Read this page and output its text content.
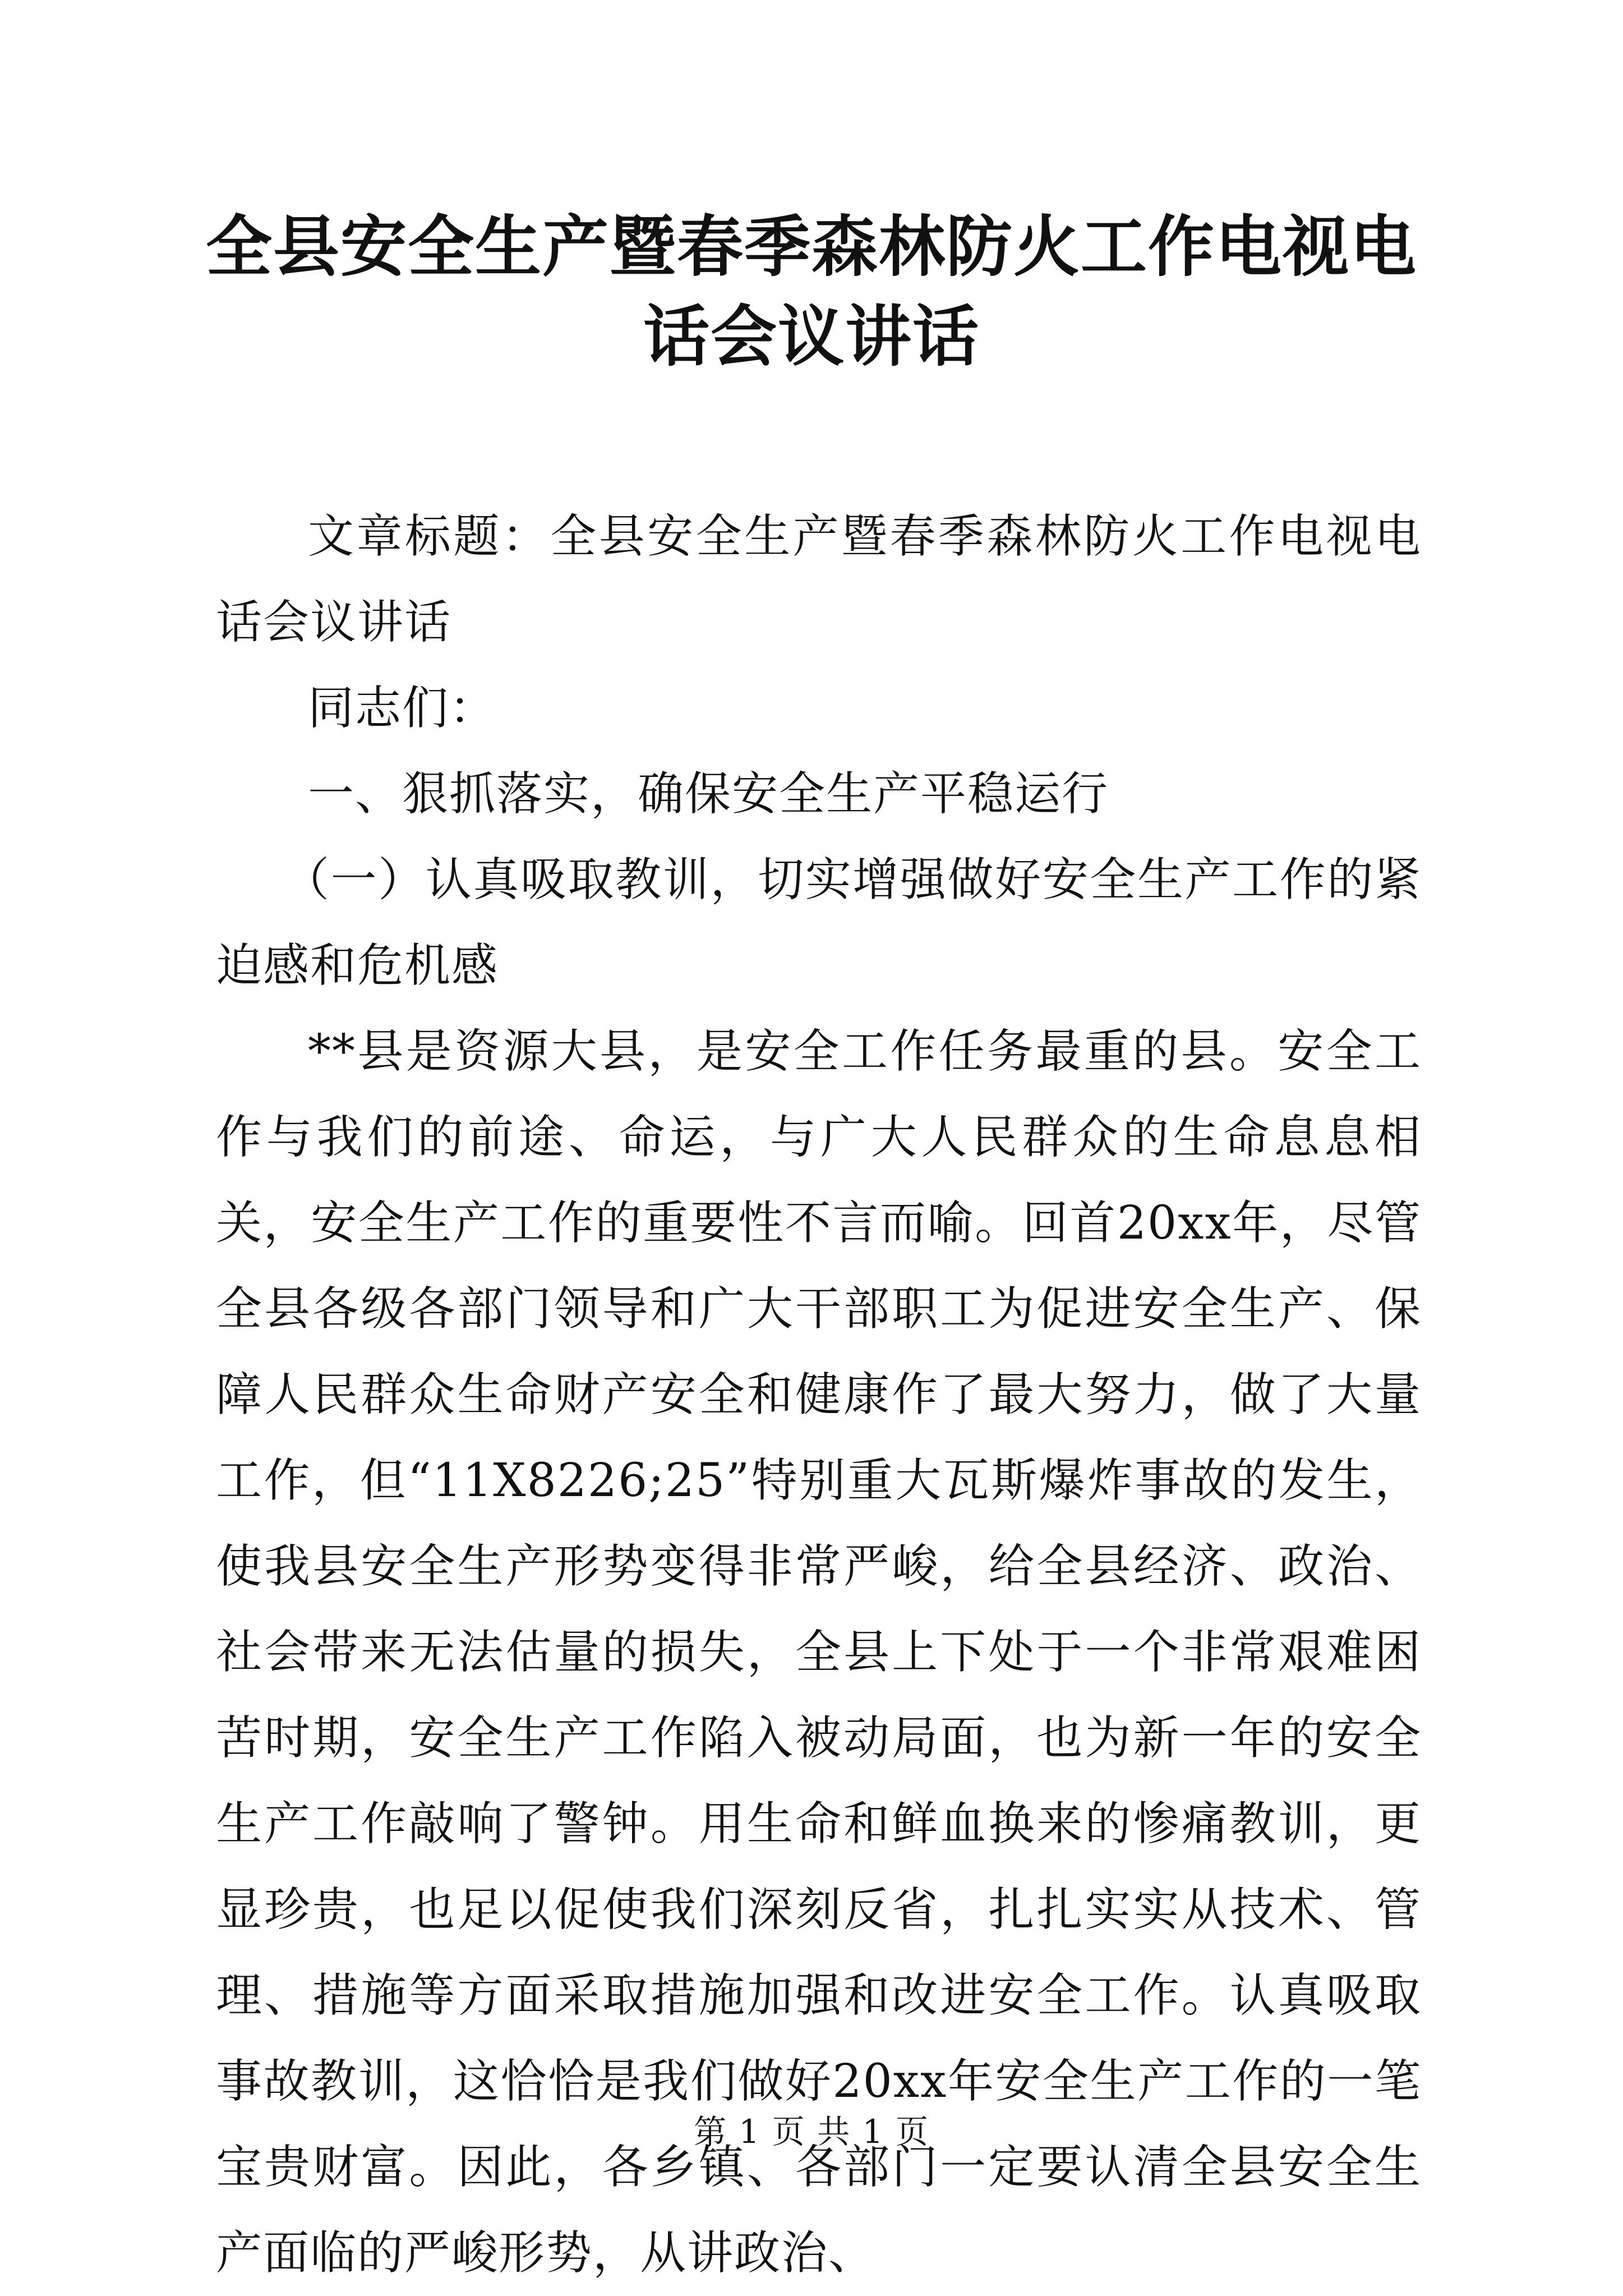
全县安全生产暨春季森林防火工作电视电话会议讲话

文章标题：全县安全生产暨春季森林防火工作电视电话会议讲话

同志们：

一、狠抓落实，确保安全生产平稳运行

（一）认真吸取教训，切实增强做好安全生产工作的紧迫感和危机感

**县是资源大县，是安全工作任务最重的县。安全工作与我们的前途、命运，与广大人民群众的生命息息相关，安全生产工作的重要性不言而喻。回首20xx年，尽管全县各级各部门领导和广大干部职工为促进安全生产、保障人民群众生命财产安全和健康作了最大努力，做了大量工作，但“11X8226;25”特别重大瓦斯爆炸事故的发生，使我县安全生产形势变得非常严峻，给全县经济、政治、社会带来无法估量的损失，全县上下处于一个非常艰难困苦时期，安全生产工作陷入被动局面，也为新一年的安全生产工作敲响了警钟。用生命和鲜血换来的惨痛教训，更显珍贵，也足以促使我们深刻反省，扎扎实实从技术、管理、措施等方面采取措施加强和改进安全工作。认真吸取事故教训，这恰恰是我们做好20xx年安全生产工作的一笔宝贵财富。因此，各乡镇、各部门一定要认清全县安全生产面临的严峻形势，从讲政治、

第 1 页 共 1 页
